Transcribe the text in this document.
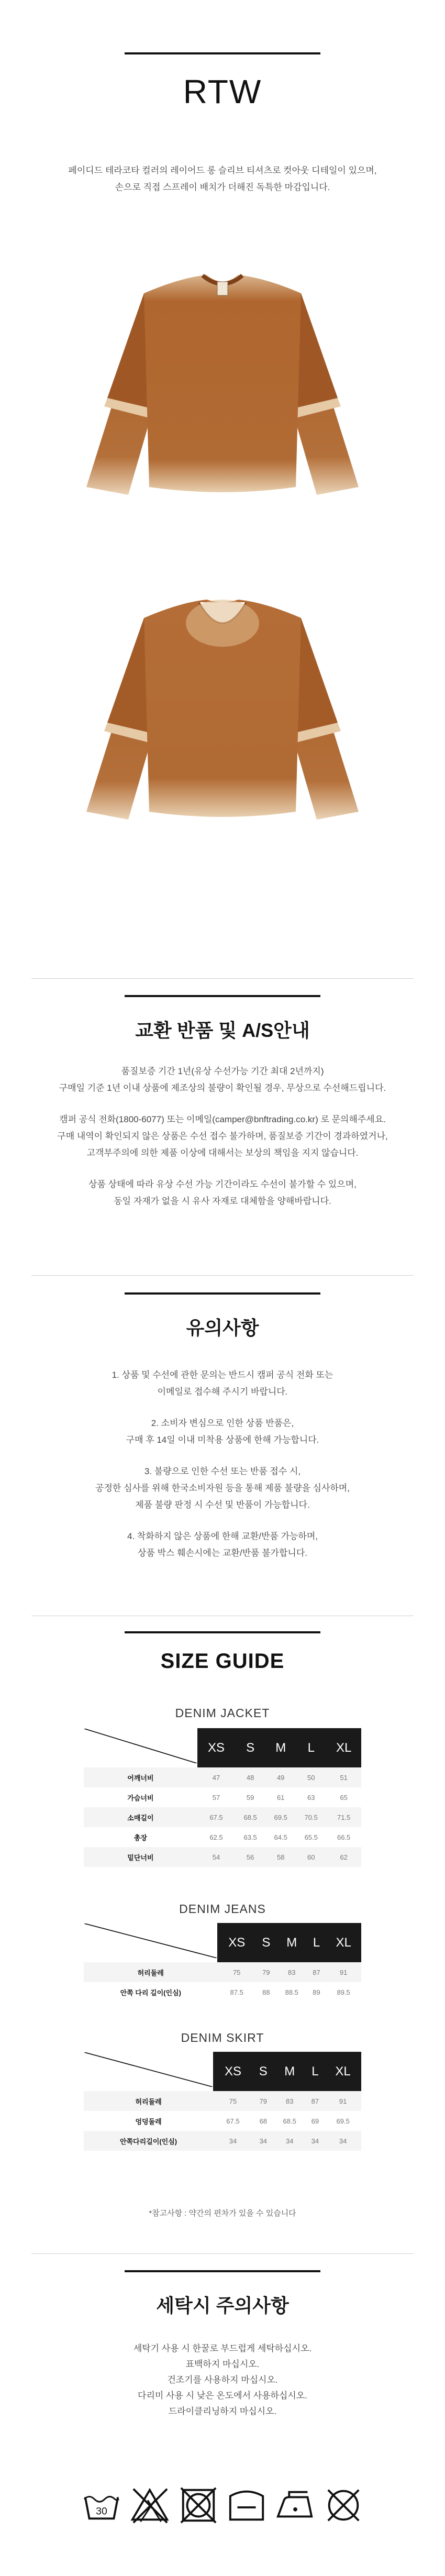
RTW

페이디드 테라코타 컬러의 레이어드 롱 슬리브 티셔츠로 컷아웃 디테일이 있으며,

손으로 직접 스프레이 배치가 더해진 독특한 마감입니다.

교환 반품 및 A/S안내

품질보증 기간 1년(유상 수선가능 기간 최대 2년까지)

구매일 기준 1년 이내 상품에 제조상의 불량이 확인될 경우, 무상으로 수선해드립니다.

캠퍼 공식 전화(1800-6077) 또는 이메일(camper@bnftrading.co.kr) 로 문의해주세요.

구매 내역이 확인되지 않은 상품은 수선 접수 불가하며, 품질보증 기간이 경과하였거나,

고객부주의에 의한 제품 이상에 대해서는 보상의 책임을 지지 않습니다.

상품 상태에 따라 유상 수선 가능 기간이라도 수선이 불가할 수 있으며,

동일 자재가 없을 시 유사 자재로 대체함을 양해바랍니다.

유의사항

1. 상품 및 수선에 관한 문의는 반드시 캠퍼 공식 전화 또는

이메일로 접수해 주시기 바랍니다.

2. 소비자 변심으로 인한 상품 반품은,

구매 후 14일 이내 미착용 상품에 한해 가능합니다.

3. 불량으로 인한 수선 또는 반품 접수 시,

공정한 심사를 위해 한국소비자원 등을 통해 제품 불량을 심사하며,

제품 불량 판정 시 수선 및 반품이 가능합니다.

4. 착화하지 않은 상품에 한해 교환/반품 가능하며,

상품 박스 훼손시에는 교환/반품 불가합니다.

SIZE GUIDE
DENIM JACKET
	XS	S	M	L	XL
어깨너비	47	48	49	50	51
가슴너비	57	59	61	63	65
소매길이	67.5	68.5	69.5	70.5	71.5
총장	62.5	63.5	64.5	65.5	66.5
밑단너비	54	56	58	60	62
DENIM JEANS
	XS	S	M	L	XL
허리둘레	75	79	83	87	91
안쪽 다리 길이(인심)	87.5	88	88.5	89	89.5
DENIM SKIRT
	XS	S	M	L	XL
허리둘레	75	79	83	87	91
엉덩둘레	67.5	68	68.5	69	69.5
안쪽다리길이(인심)	34	34	34	34	34
*참고사항 : 약간의 편차가 있을 수 있습니다
세탁시 주의사항

세탁기 사용 시 한꿀로 부드럽게 세탁하십시오.

표백하지 마십시오.

건조기를 사용하지 마십시오.

다리미 사용 시 낮은 온도에서 사용하십시오.

드라이클리닝하지 마십시오.

30
